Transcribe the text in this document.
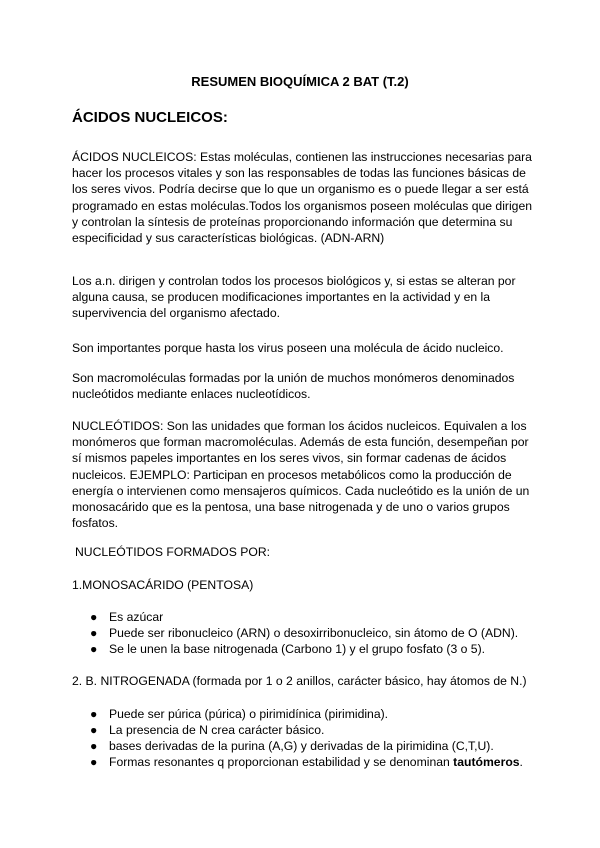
RESUMEN BIOQUÍMICA 2 BAT (T.2)
ÁCIDOS NUCLEICOS:
ÁCIDOS NUCLEICOS: Estas moléculas, contienen las instrucciones necesarias para hacer los procesos vitales y son las responsables de todas las funciones básicas de los seres vivos. Podría decirse que lo que un organismo es o puede llegar a ser está programado en estas moléculas.Todos los organismos poseen moléculas que dirigen y controlan la síntesis de proteínas proporcionando información que determina su especificidad y sus características biológicas. (ADN-ARN)
Los a.n. dirigen y controlan todos los procesos biológicos y, si estas se alteran por alguna causa, se producen modificaciones importantes en la actividad y en la supervivencia del organismo afectado.
Son importantes porque hasta los virus poseen una molécula de ácido nucleico.
Son macromoléculas formadas por la unión de muchos monómeros denominados nucleótidos mediante enlaces nucleotídicos.
NUCLEÓTIDOS: Son las unidades que forman los ácidos nucleicos. Equivalen a los monómeros que forman macromoléculas. Además de esta función, desempeñan por sí mismos papeles importantes en los seres vivos, sin formar cadenas de ácidos nucleicos. EJEMPLO: Participan en procesos metabólicos como la producción de energía o intervienen como mensajeros químicos. Cada nucleótido es la unión de un monosacárido que es la pentosa, una base nitrogenada y de uno o varios grupos fosfatos.
NUCLEÓTIDOS FORMADOS POR:
1.MONOSACÁRIDO (PENTOSA)
● Es azúcar
● Puede ser ribonucleico (ARN) o desoxirribonucleico, sin átomo de O (ADN).
● Se le unen la base nitrogenada (Carbono 1) y el grupo fosfato (3 o 5).
2. B. NITROGENADA (formada por 1 o 2 anillos, carácter básico, hay átomos de N.)
● Puede ser púrica (púrica) o pirimidínica (pirimidina).
● La presencia de N crea carácter básico.
● bases derivadas de la purina (A,G) y derivadas de la pirimidina (C,T,U).
● Formas resonantes q proporcionan estabilidad y se denominan tautómeros.
